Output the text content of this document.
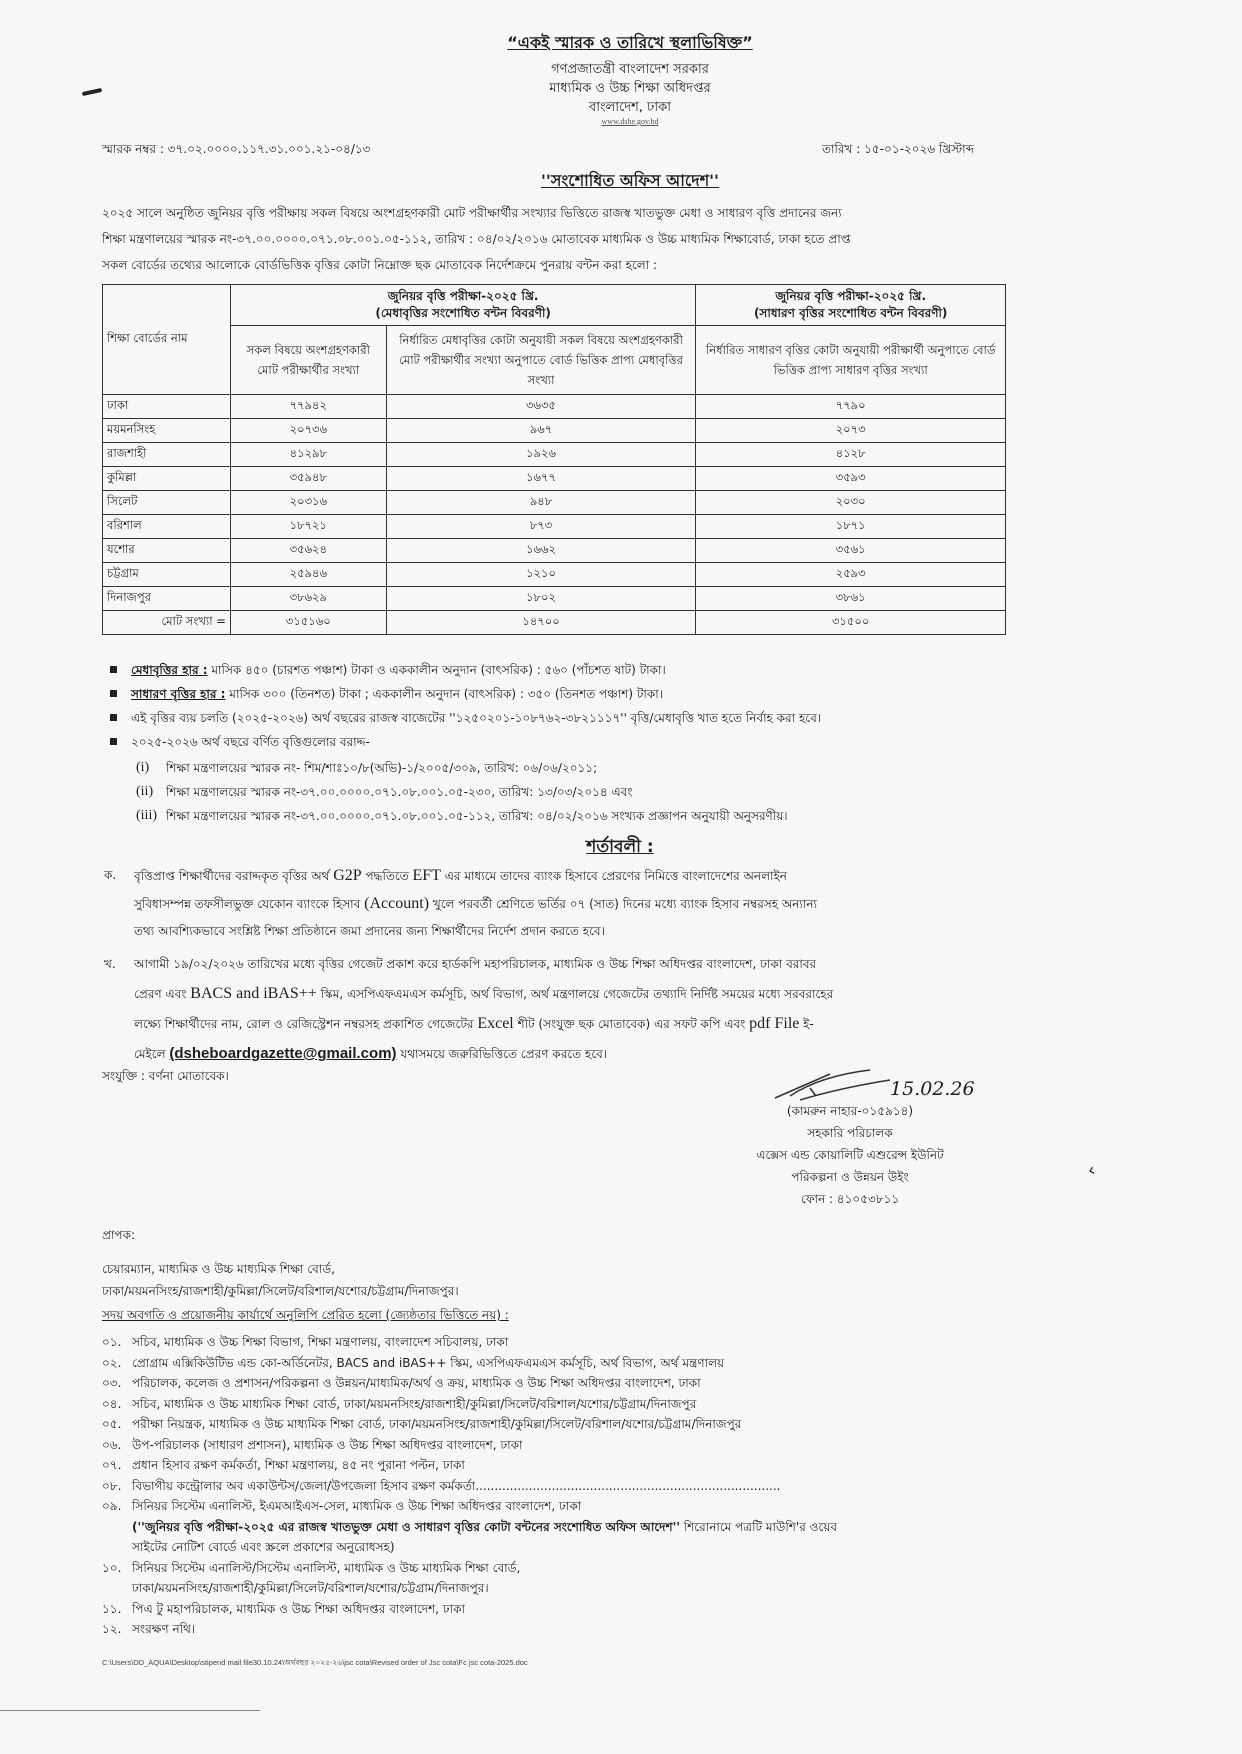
“একই স্মারক ও তারিখে স্থলাভিষিক্ত”
গণপ্রজাতন্ত্রী বাংলাদেশ সরকার
মাধ্যমিক ও উচ্চ শিক্ষা অধিদপ্তর
বাংলাদেশ, ঢাকা
www.dshe.gov.bd
স্মারক নম্বর : ৩৭.০২.০০০০.১১৭.৩১.০০১.২১-০৪/১৩	তারিখ : ১৫-০১-২০২৬ খ্রিস্টাব্দ
''সংশোধিত অফিস আদেশ''
২০২৫ সালে অনুষ্ঠিত জুনিয়র বৃত্তি পরীক্ষায় সকল বিষয়ে অংশগ্রহণকারী মোট পরীক্ষার্থীর সংখ্যার ভিত্তিতে রাজস্ব খাতভুক্ত মেধা ও সাধারণ বৃত্তি প্রদানের জন্য
শিক্ষা মন্ত্রণালয়ের স্মারক নং-৩৭.০০.০০০০.০৭১.০৮.০০১.০৫-১১২, তারিখ : ০৪/০২/২০১৬ মোতাবেক মাধ্যমিক ও উচ্চ মাধ্যমিক শিক্ষাবোর্ড, ঢাকা হতে প্রাপ্ত
সকল বোর্ডের তথ্যের আলোকে বোর্ডভিত্তিক বৃত্তির কোটা নিম্নোক্ত ছক মোতাবেক নির্দেশক্রমে পুনরায় বন্টন করা হলো :
শিক্ষা বোর্ডের নাম	
জুনিয়র বৃত্তি পরীক্ষা-২০২৫ খ্রি.
(মেধাবৃত্তির সংশোধিত বন্টন বিবরণী)

জুনিয়র বৃত্তি পরীক্ষা-২০২৫ খ্রি.
(সাধারণ বৃত্তির সংশোধিত বন্টন বিবরণী)

	সকল বিষয়ে অংশগ্রহণকারী মোট পরীক্ষার্থীর সংখ্যা	নির্ধারিত মেধাবৃত্তির কোটা অনুযায়ী সকল বিষয়ে অংশগ্রহণকারী মোট পরীক্ষার্থীর সংখ্যা অনুপাতে বোর্ড ভিত্তিক প্রাপ্য মেধাবৃত্তির সংখ্যা	নির্ধারিত সাধারণ বৃত্তির কোটা অনুযায়ী পরীক্ষার্থী অনুপাতে বোর্ড ভিত্তিক প্রাপ্য সাধারণ বৃত্তির সংখ্যা
ঢাকা	৭৭৯৪২	৩৬৩৫	৭৭৯০
ময়মনসিংহ	২০৭৩৬	৯৬৭	২০৭৩
রাজশাহী	৪১২৯৮	১৯২৬	৪১২৮
কুমিল্লা	৩৫৯৪৮	১৬৭৭	৩৫৯৩
সিলেট	২০৩১৬	৯৪৮	২০৩০
বরিশাল	১৮৭২১	৮৭৩	১৮৭১
যশোর	৩৫৬২৪	১৬৬২	৩৫৬১
চট্টগ্রাম	২৫৯৪৬	১২১০	২৫৯৩
দিনাজপুর	৩৮৬২৯	১৮০২	৩৮৬১
মোট সংখ্যা =	৩১৫১৬০	১৪৭০০	৩১৫০০
মেধাবৃত্তির হার : মাসিক ৪৫০ (চারশত পঞ্চাশ) টাকা ও এককালীন অনুদান (বাৎসরিক) : ৫৬০ (পাঁচশত ষাট) টাকা।
সাধারণ বৃত্তির হার : মাসিক ৩০০ (তিনশত) টাকা ; এককালীন অনুদান (বাৎসরিক) : ৩৫০ (তিনশত পঞ্চাশ) টাকা।
এই বৃত্তির ব্যয় চলতি (২০২৫-২০২৬) অর্থ বছরের রাজস্ব বাজেটের ''১২৫০২০১-১০৮৭৬২-৩৮২১১১৭'' বৃত্তি/মেধাবৃত্তি খাত হতে নির্বাহ করা হবে।
২০২৫-২০২৬ অর্থ বছরে বর্ণিত বৃত্তিগুলোর বরাদ্দ-
(i)	শিক্ষা মন্ত্রণালয়ের স্মারক নং- শিম/শাঃ১০/৮(অভি)-১/২০০৫/৩০৯, তারিখ: ০৬/০৬/২০১১;
(ii)	শিক্ষা মন্ত্রণালয়ের স্মারক নং-৩৭.০০.০০০০.০৭১.০৮.০০১.০৫-২৩০, তারিখ: ১৩/০৩/২০১৪ এবং
(iii) শিক্ষা মন্ত্রণালয়ের স্মারক নং-৩৭.০০.০০০০.০৭১.০৮.০০১.০৫-১১২, তারিখ: ০৪/০২/২০১৬ সংখ্যক প্রজ্ঞাপন অনুযায়ী অনুসরণীয়।
শর্তাবলী :
ক.	বৃত্তিপ্রাপ্ত শিক্ষার্থীদের বরাদ্দকৃত বৃত্তির অর্থ G2P পদ্ধতিতে EFT এর মাধ্যমে তাদের ব্যাংক হিসাবে প্রেরণের নিমিত্তে বাংলাদেশের অনলাইন
সুবিধাসম্পন্ন তফসীলভুক্ত যেকোন ব্যাংকে হিসাব (Account) খুলে পরবর্তী শ্রেণিতে ভর্তির ০৭ (সাত) দিনের মধ্যে ব্যাংক হিসাব নম্বরসহ অন্যান্য
তথ্য আবশ্যিকভাবে সংশ্লিষ্ট শিক্ষা প্রতিষ্ঠানে জমা প্রদানের জন্য শিক্ষার্থীদের নির্দেশ প্রদান করতে হবে।
খ.	আগামী ১৯/০২/২০২৬ তারিখের মধ্যে বৃত্তির গেজেট প্রকাশ করে হার্ডকপি মহাপরিচালক, মাধ্যমিক ও উচ্চ শিক্ষা অধিদপ্তর বাংলাদেশ, ঢাকা বরাবর
প্রেরণ এবং BACS and iBAS++ স্কিম, এসপিএফএমএস কর্মসূচি, অর্থ বিভাগ, অর্থ মন্ত্রণালয়ে গেজেটের তথ্যাদি নির্দিষ্ট সময়ের মধ্যে সরবরাহের
লক্ষ্যে শিক্ষার্থীদের নাম, রোল ও রেজিস্ট্রেশন নম্বরসহ প্রকাশিত গেজেটের Excel শীট (সংযুক্ত ছক মোতাবেক) এর সফট কপি এবং pdf File ই-
মেইলে (dsheboardgazette@gmail.com) যথাসময়ে জরুরিভিত্তিতে প্রেরণ করতে হবে।
সংযুক্তি : বর্ণনা মোতাবেক।
15.02.26
(কামরুন নাহার-০১৫৯১৪)
সহকারি পরিচালক
এক্সেস এন্ড কোয়ালিটি এশুরেন্স ইউনিট
পরিকল্পনা ও উন্নয়ন উইং
ফোন : ৪১০৫৩৮১১
‹
প্রাপক:
চেয়ারম্যান, মাধ্যমিক ও উচ্চ মাধ্যমিক শিক্ষা বোর্ড,
ঢাকা/ময়মনসিংহ/রাজশাহী/কুমিল্লা/সিলেট/বরিশাল/যশোর/চট্টগ্রাম/দিনাজপুর।
সদয় অবগতি ও প্রয়োজনীয় কার্যার্থে অনুলিপি প্রেরিত হলো (জ্যেষ্ঠতার ভিত্তিতে নয়) :
০১. সচিব, মাধ্যমিক ও উচ্চ শিক্ষা বিভাগ, শিক্ষা মন্ত্রণালয়, বাংলাদেশ সচিবালয়, ঢাকা
০২. প্রোগ্রাম এক্সিকিউটিভ এন্ড কো-অর্ডিনেটর, BACS and iBAS++ স্কিম, এসপিএফএমএস কর্মসূচি, অর্থ বিভাগ, অর্থ মন্ত্রণালয়
০৩. পরিচালক, কলেজ ও প্রশাসন/পরিকল্পনা ও উন্নয়ন/মাধ্যমিক/অর্থ ও ক্রয়, মাধ্যমিক ও উচ্চ শিক্ষা অধিদপ্তর বাংলাদেশ, ঢাকা
০৪. সচিব, মাধ্যমিক ও উচ্চ মাধ্যমিক শিক্ষা বোর্ড, ঢাকা/ময়মনসিংহ/রাজশাহী/কুমিল্লা/সিলেট/বরিশাল/যশোর/চট্টগ্রাম/দিনাজপুর
০৫. পরীক্ষা নিয়ন্ত্রক, মাধ্যমিক ও উচ্চ মাধ্যমিক শিক্ষা বোর্ড, ঢাকা/ময়মনসিংহ/রাজশাহী/কুমিল্লা/সিলেট/বরিশাল/যশোর/চট্টগ্রাম/দিনাজপুর
০৬. উপ-পরিচালক (সাধারণ প্রশাসন), মাধ্যমিক ও উচ্চ শিক্ষা অধিদপ্তর বাংলাদেশ, ঢাকা
০৭. প্রধান হিসাব রক্ষণ কর্মকর্তা, শিক্ষা মন্ত্রণালয়, ৪৫ নং পুরানা পল্টন, ঢাকা
০৮. বিভাগীয় কন্ট্রোলার অব একাউন্টস/জেলা/উপজেলা হিসাব রক্ষণ কর্মকর্তা................................................................................
০৯. সিনিয়র সিস্টেম এনালিস্ট, ইএমআইএস-সেল, মাধ্যমিক ও উচ্চ শিক্ষা অধিদপ্তর বাংলাদেশ, ঢাকা
(''জুনিয়র বৃত্তি পরীক্ষা-২০২৫ এর রাজস্ব খাতভুক্ত মেধা ও সাধারণ বৃত্তির কোটা বন্টনের সংশোধিত অফিস আদেশ'' শিরোনামে পত্রটি মাউশি'র ওয়েব
সাইটের নোটিশ বোর্ডে এবং স্ক্রলে প্রকাশের অনুরোধসহ)
১০. সিনিয়র সিস্টেম এনালিস্ট/সিস্টেম এনালিস্ট, মাধ্যমিক ও উচ্চ মাধ্যমিক শিক্ষা বোর্ড,
ঢাকা/ময়মনসিংহ/রাজশাহী/কুমিল্লা/সিলেট/বরিশাল/যশোর/চট্টগ্রাম/দিনাজপুর।
১১. পিএ টু মহাপরিচালক, মাধ্যমিক ও উচ্চ শিক্ষা অধিদপ্তর বাংলাদেশ, ঢাকা
১২. সংরক্ষণ নথি।
C:\Users\DD_AQUA\Desktop\stipend mail file30.10.24\অর্থবছর ২০২৫-২৬\jsc cota\Revised order of Jsc cota\Fc jsc cota-2025.doc
